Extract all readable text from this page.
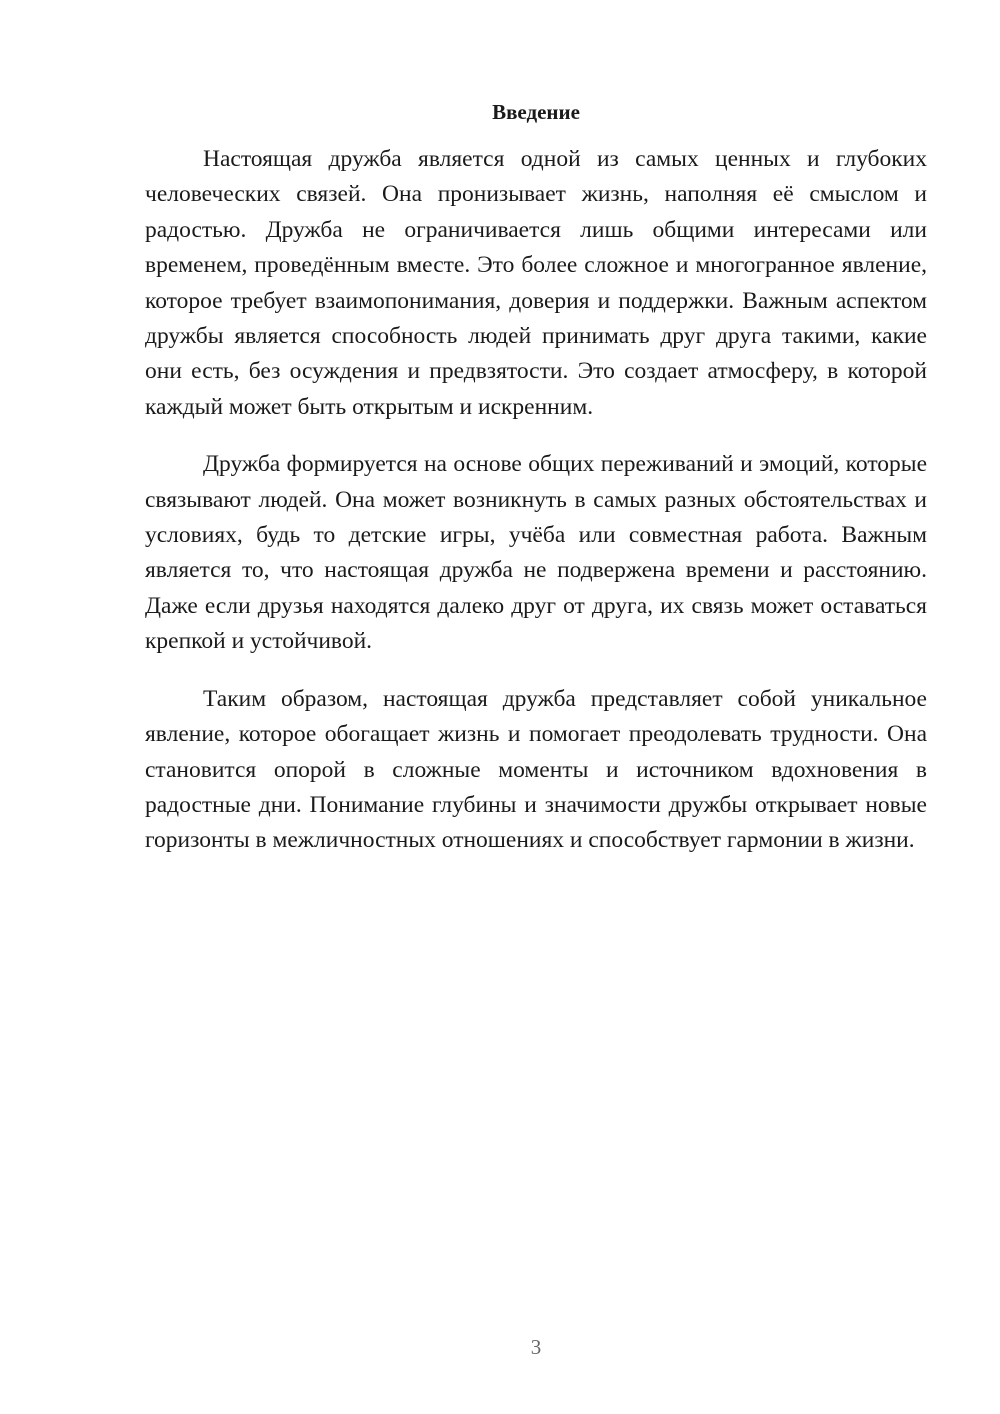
Введение

Настоящая дружба является одной из самых ценных и глубоких человеческих связей. Она пронизывает жизнь, наполняя её смыслом и радостью. Дружба не ограничивается лишь общими интересами или временем, проведённым вместе. Это более сложное и многогранное явление, которое требует взаимопонимания, доверия и поддержки. Важным аспектом дружбы является способность людей принимать друг друга такими, какие они есть, без осуждения и предвзятости. Это создает атмосферу, в которой каждый может быть открытым и искренним.

Дружба формируется на основе общих переживаний и эмоций, которые связывают людей. Она может возникнуть в самых разных обстоятельствах и условиях, будь то детские игры, учёба или совместная работа. Важным является то, что настоящая дружба не подвержена времени и расстоянию. Даже если друзья находятся далеко друг от друга, их связь может оставаться крепкой и устойчивой.

Таким образом, настоящая дружба представляет собой уникальное явление, которое обогащает жизнь и помогает преодолевать трудности. Она становится опорой в сложные моменты и источником вдохновения в радостные дни. Понимание глубины и значимости дружбы открывает новые горизонты в межличностных отношениях и способствует гармонии в жизни.

3
